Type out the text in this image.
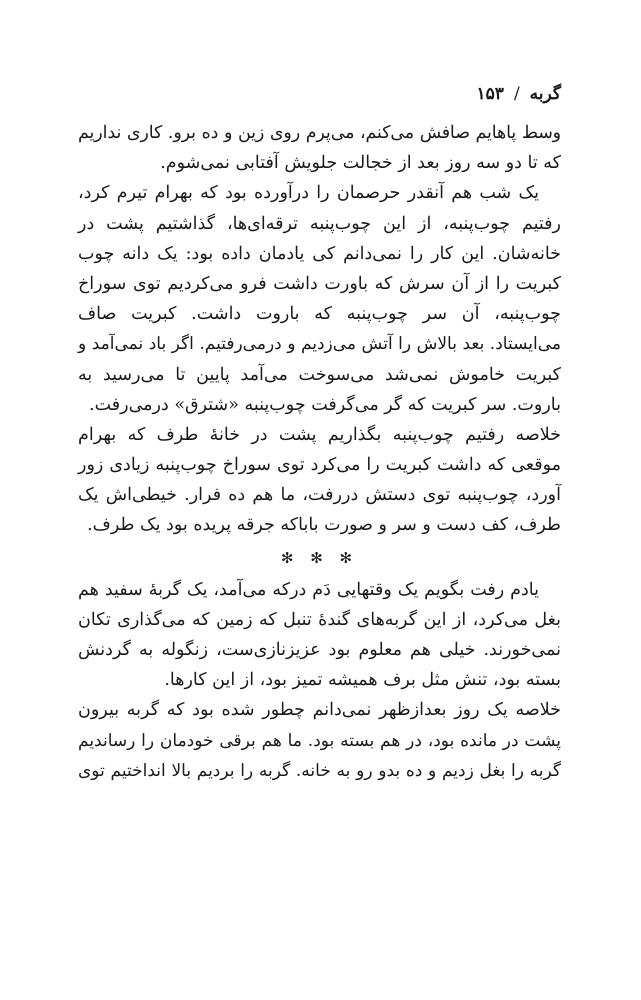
گربه/۱۵۳
وسط پاهایم صافش می‌کنم، می‌پرم روی زین و ده برو. کاری نداریم
که تا دو سه روز بعد از خجالت جلویش آفتابی نمی‌شوم.
یک شب هم آنقدر حرصمان را درآورده بود که بهرام تیرم کرد،
رفتیم چوب‌پنبه، از این چوب‌پنبه ترقه‌ای‌ها، گذاشتیم پشت در
خانه‌شان. این کار را نمی‌دانم کی یادمان داده بود: یک دانه چوب
کبریت را از آن سرش که باورت داشت فرو می‌کردیم توی سوراخ
چوب‌پنبه، آن سر چوب‌پنبه که باروت داشت. کبریت صاف
می‌ایستاد. بعد بالاش را آتش می‌زدیم و درمی‌رفتیم. اگر باد نمی‌آمد و
کبریت خاموش نمی‌شد می‌سوخت می‌آمد پایین تا می‌رسید به
باروت. سر کبریت که گر می‌گرفت چوب‌پنبه «شترق» درمی‌رفت.
خلاصه رفتیم چوب‌پنبه بگذاریم پشت در خانهٔ طرف که بهرام
موقعی که داشت کبریت را می‌کرد توی سوراخ چوب‌پنبه زیادی زور
آورد، چوب‌پنبه توی دستش دررفت، ما هم ده فرار. خیطی‌اش یک
طرف، کف دست و سر و صورت باباکه جرقه پریده بود یک طرف.
✻ ✻ ✻
یادم رفت بگویم یک وقتهایی دَم درکه می‌آمد، یک گربهٔ سفید هم
بغل می‌کرد، از این گربه‌های گندهٔ تنبل که زمین که می‌گذاری تکان
نمی‌خورند. خیلی هم معلوم بود عزیزنازی‌ست، زنگوله به گردنش
بسته بود، تنش مثل برف همیشه تمیز بود، از این کارها.
خلاصه یک روز بعدازظهر نمی‌دانم چطور شده بود که گربه بیرون
پشت در مانده بود، در هم بسته بود. ما هم برقی خودمان را رساندیم
گربه را بغل زدیم و ده بدو رو به خانه. گربه را بردیم بالا انداختیم توی
